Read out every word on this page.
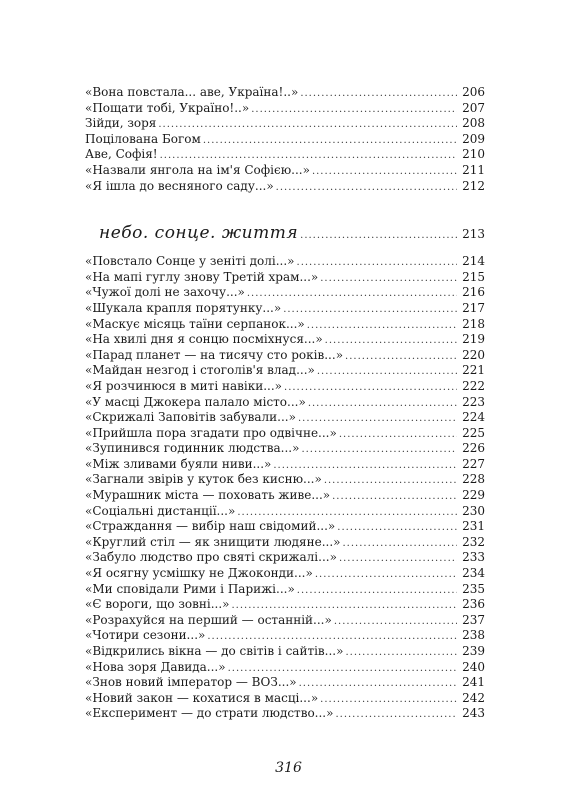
«Вона повстала... аве, Україна!..» .....	206
«Пощати тобі, Україно!..» .....	207
Зійди, зоря .....	208
Поцілована Богом .....	209
Аве, Софія! .....	210
«Назвали янгола на ім'я Софією...» .....	211
«Я ішла до весняного саду...» .....	212
небо. сонце. життя .....	213
«Повстало Сонце у зеніті долі...» .....	214
«На мапі гуглу знову Третій храм...» .....	215
«Чужої долі не захочу...» .....	216
«Шукала крапля порятунку...» .....	217
«Маскує місяць таїни серпанок...» .....	218
«На хвилі дня я сонцю посміхнуся...» .....	219
«Парад планет — на тисячу сто років...» .....	220
«Майдан незгод і стоголів'я влад...» .....	221
«Я розчинюся в миті навіки...» .....	222
«У масці Джокера палало місто...» .....	223
«Скрижалі Заповітів забували...» .....	224
«Прийшла пора згадати про одвічне...» .....	225
«Зупинився годинник людства...» .....	226
«Між зливами буяли ниви...» .....	227
«Загнали звірів у куток без кисню...» .....	228
«Мурашник міста — поховать живе...» .....	229
«Соціальні дистанції...» .....	230
«Страждання — вибір наш свідомий...» .....	231
«Круглий стіл — як знищити людяне...» .....	232
«Забуло людство про святі скрижалі...» .....	233
«Я осягну усмішку не Джоконди...» .....	234
«Ми сповідали Рими і Парижі...» .....	235
«Є вороги, що зовні...» .....	236
«Розрахуйся на перший — останній...» .....	237
«Чотири сезони...» .....	238
«Відкрились вікна — до світів і сайтів...» .....	239
«Нова зоря Давида...» .....	240
«Знов новий імператор — ВОЗ...» .....	241
«Новий закон — кохатися в масці...» .....	242
«Експеримент — до страти людство...» .....	243
316
